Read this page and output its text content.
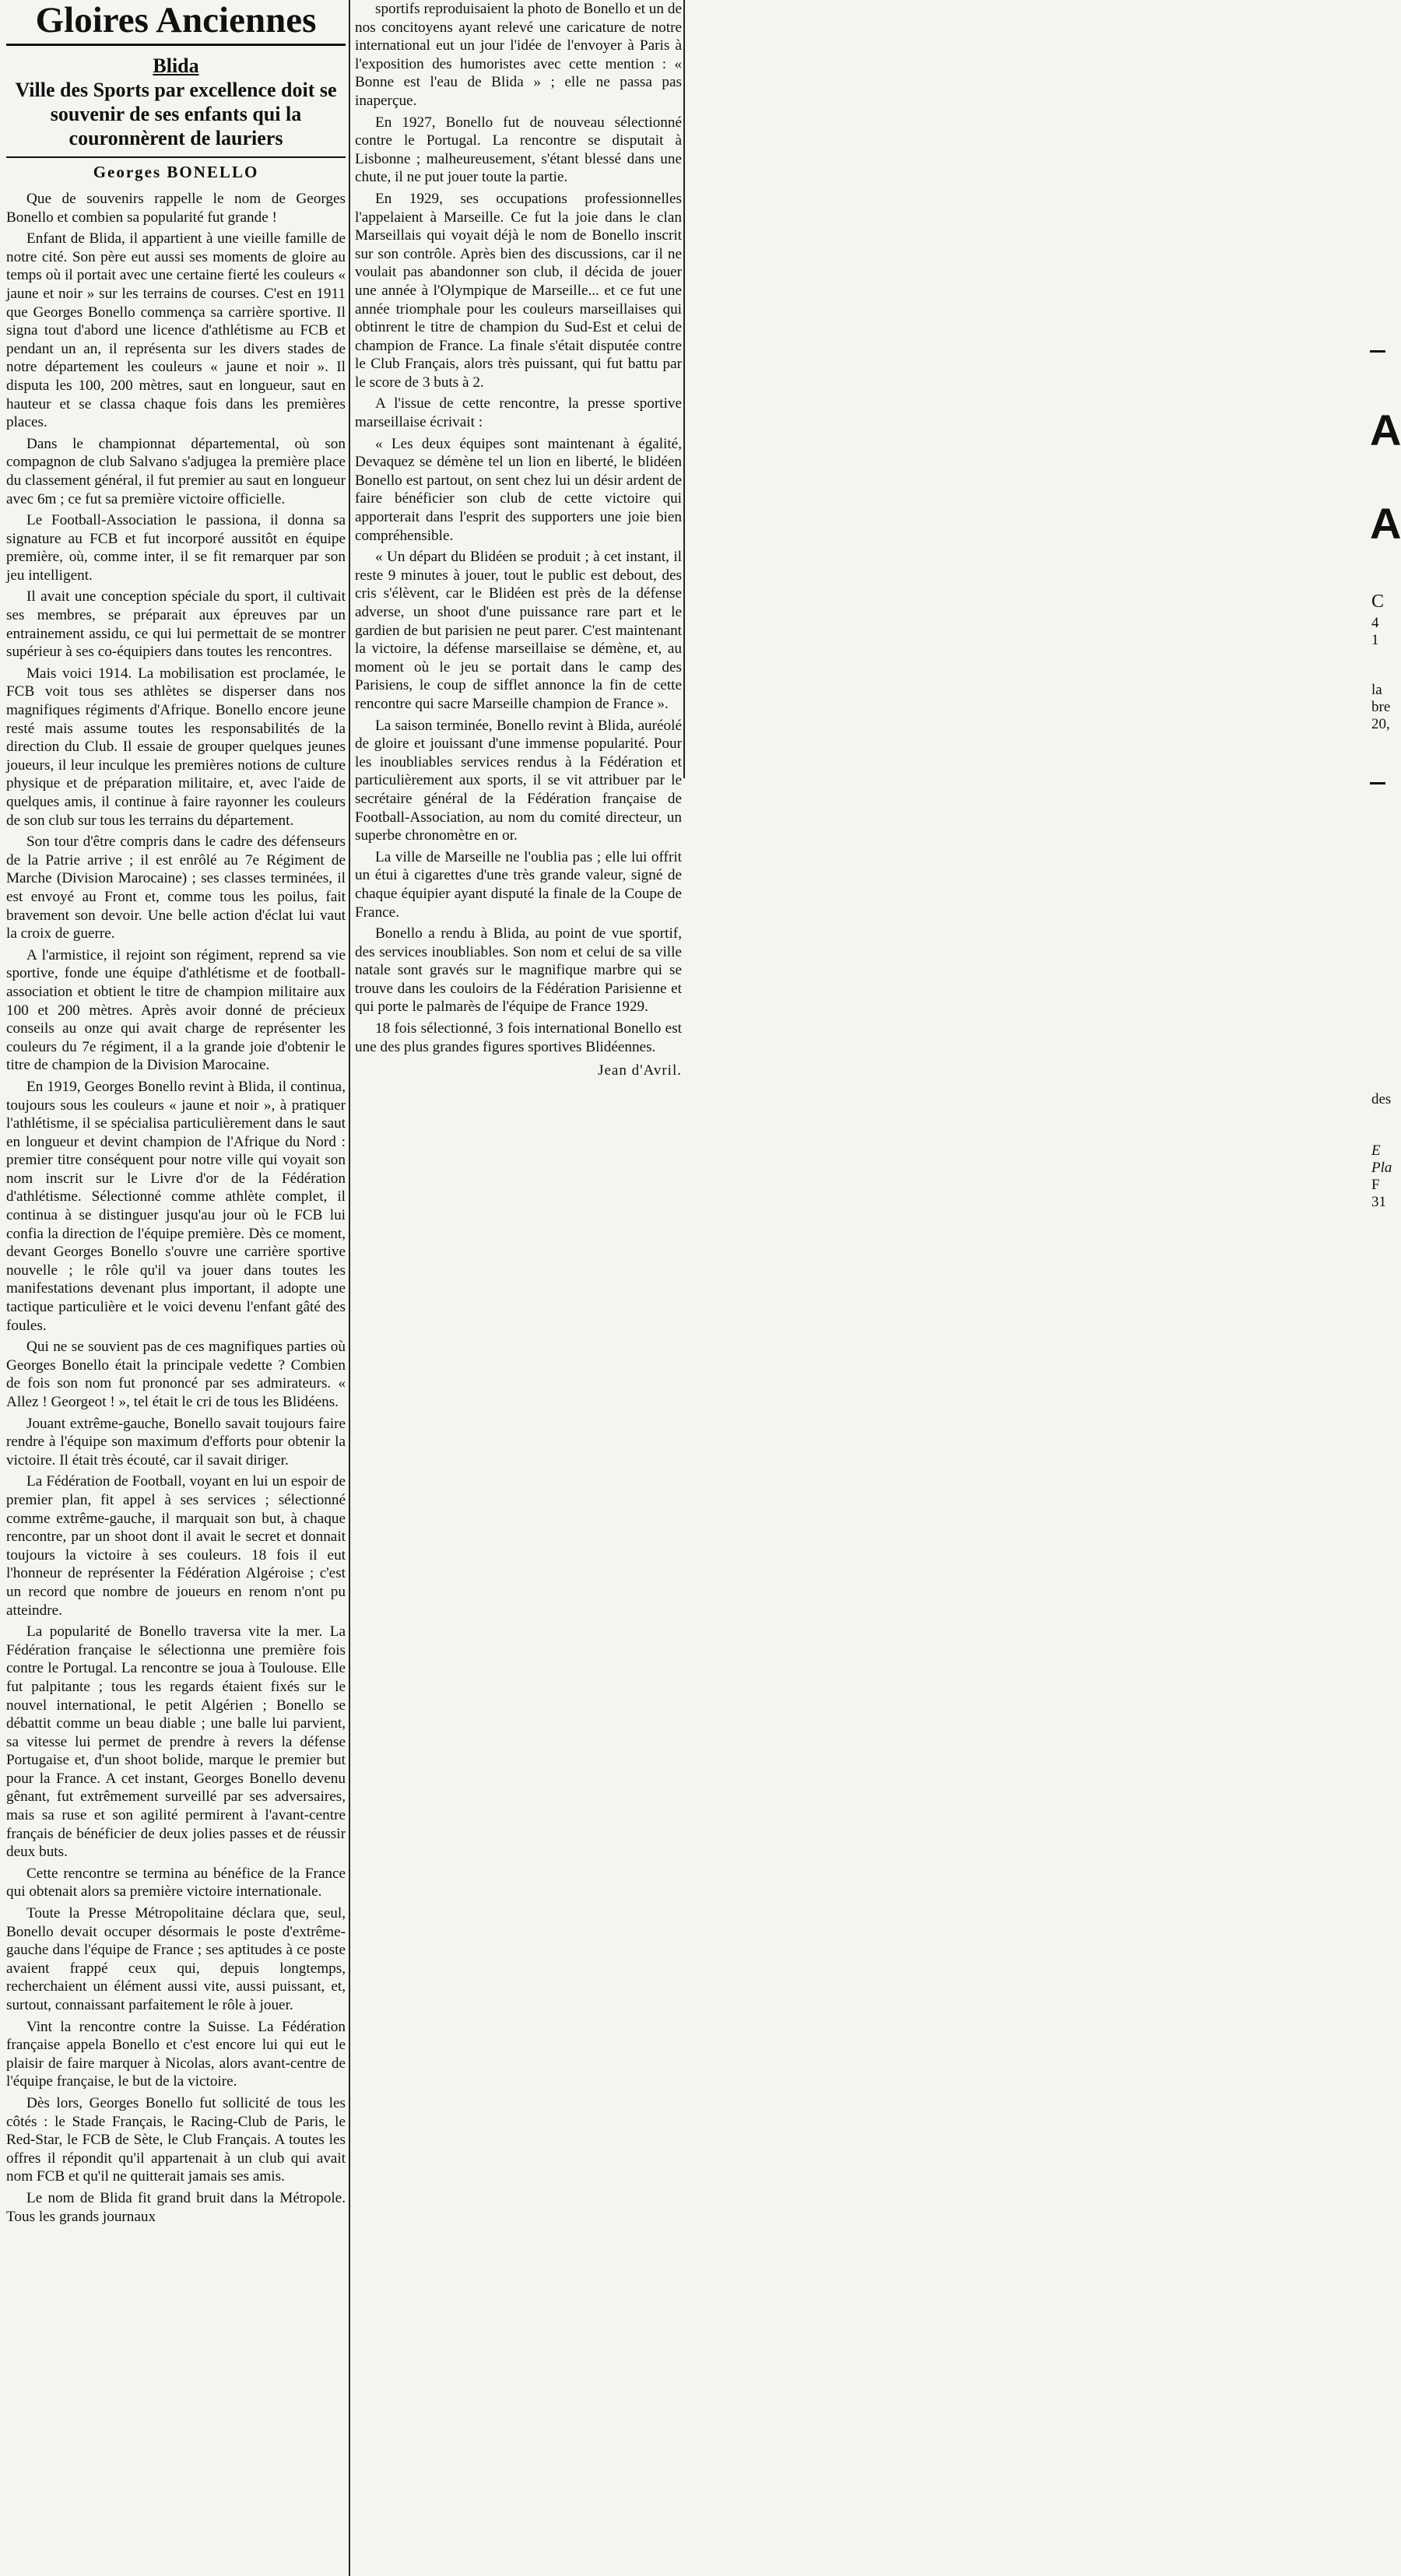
Gloires Anciennes
Blida
Ville des Sports par excellence doit se souvenir de ses enfants qui la couronnèrent de lauriers
Georges BONELLO

Que de souvenirs rappelle le nom de Georges Bonello et combien sa popularité fut grande !

Enfant de Blida, il appartient à une vieille famille de notre cité. Son père eut aussi ses moments de gloire au temps où il portait avec une certaine fierté les couleurs « jaune et noir » sur les terrains de courses. C'est en 1911 que Georges Bonello commença sa carrière sportive. Il signa tout d'abord une licence d'athlétisme au FCB et pendant un an, il représenta sur les divers stades de notre département les couleurs « jaune et noir ». Il disputa les 100, 200 mètres, saut en longueur, saut en hauteur et se classa chaque fois dans les premières places.

Dans le championnat départemental, où son compagnon de club Salvano s'adjugea la première place du classement général, il fut premier au saut en longueur avec 6m ; ce fut sa première victoire officielle.

Le Football-Association le passiona, il donna sa signature au FCB et fut incorporé aussitôt en équipe première, où, comme inter, il se fit remarquer par son jeu intelligent.

Il avait une conception spéciale du sport, il cultivait ses membres, se préparait aux épreuves par un entrainement assidu, ce qui lui permettait de se montrer supérieur à ses co-équipiers dans toutes les rencontres.

Mais voici 1914. La mobilisation est proclamée, le FCB voit tous ses athlètes se disperser dans nos magnifiques régiments d'Afrique. Bonello encore jeune resté mais assume toutes les responsabilités de la direction du Club. Il essaie de grouper quelques jeunes joueurs, il leur inculque les premières notions de culture physique et de préparation militaire, et, avec l'aide de quelques amis, il continue à faire rayonner les couleurs de son club sur tous les terrains du département.

Son tour d'être compris dans le cadre des défenseurs de la Patrie arrive ; il est enrôlé au 7e Régiment de Marche (Division Marocaine) ; ses classes terminées, il est envoyé au Front et, comme tous les poilus, fait bravement son devoir. Une belle action d'éclat lui vaut la croix de guerre.

A l'armistice, il rejoint son régiment, reprend sa vie sportive, fonde une équipe d'athlétisme et de football-association et obtient le titre de champion militaire aux 100 et 200 mètres. Après avoir donné de précieux conseils au onze qui avait charge de représenter les couleurs du 7e régiment, il a la grande joie d'obtenir le titre de champion de la Division Marocaine.

En 1919, Georges Bonello revint à Blida, il continua, toujours sous les couleurs « jaune et noir », à pratiquer l'athlétisme, il se spécialisa particulièrement dans le saut en longueur et devint champion de l'Afrique du Nord : premier titre conséquent pour notre ville qui voyait son nom inscrit sur le Livre d'or de la Fédération d'athlétisme. Sélectionné comme athlète complet, il continua à se distinguer jusqu'au jour où le FCB lui confia la direction de l'équipe première. Dès ce moment, devant Georges Bonello s'ouvre une carrière sportive nouvelle ; le rôle qu'il va jouer dans toutes les manifestations devenant plus important, il adopte une tactique particulière et le voici devenu l'enfant gâté des foules.

Qui ne se souvient pas de ces magnifiques parties où Georges Bonello était la principale vedette ? Combien de fois son nom fut prononcé par ses admirateurs. « Allez ! Georgeot ! », tel était le cri de tous les Blidéens.

Jouant extrême-gauche, Bonello savait toujours faire rendre à l'équipe son maximum d'efforts pour obtenir la victoire. Il était très écouté, car il savait diriger.

La Fédération de Football, voyant en lui un espoir de premier plan, fit appel à ses services ; sélectionné comme extrême-gauche, il marquait son but, à chaque rencontre, par un shoot dont il avait le secret et donnait toujours la victoire à ses couleurs. 18 fois il eut l'honneur de représenter la Fédération Algéroise ; c'est un record que nombre de joueurs en renom n'ont pu atteindre.

La popularité de Bonello traversa vite la mer. La Fédération française le sélectionna une première fois contre le Portugal. La rencontre se joua à Toulouse. Elle fut palpitante ; tous les regards étaient fixés sur le nouvel international, le petit Algérien ; Bonello se débattit comme un beau diable ; une balle lui parvient, sa vitesse lui permet de prendre à revers la défense Portugaise et, d'un shoot bolide, marque le premier but pour la France. A cet instant, Georges Bonello devenu gênant, fut extrêmement surveillé par ses adversaires, mais sa ruse et son agilité permirent à l'avant-centre français de bénéficier de deux jolies passes et de réussir deux buts.

Cette rencontre se termina au bénéfice de la France qui obtenait alors sa première victoire internationale.

Toute la Presse Métropolitaine déclara que, seul, Bonello devait occuper désormais le poste d'extrême-gauche dans l'équipe de France ; ses aptitudes à ce poste avaient frappé ceux qui, depuis longtemps, recherchaient un élément aussi vite, aussi puissant, et, surtout, connaissant parfaitement le rôle à jouer.

Vint la rencontre contre la Suisse. La Fédération française appela Bonello et c'est encore lui qui eut le plaisir de faire marquer à Nicolas, alors avant-centre de l'équipe française, le but de la victoire.

Dès lors, Georges Bonello fut sollicité de tous les côtés : le Stade Français, le Racing-Club de Paris, le Red-Star, le FCB de Sète, le Club Français. A toutes les offres il répondit qu'il appartenait à un club qui avait nom FCB et qu'il ne quitterait jamais ses amis.

Le nom de Blida fit grand bruit dans la Métropole. Tous les grands journaux

sportifs reproduisaient la photo de Bonello et un de nos concitoyens ayant relevé une caricature de notre international eut un jour l'idée de l'envoyer à Paris à l'exposition des humoristes avec cette mention : « Bonne est l'eau de Blida » ; elle ne passa pas inaperçue.

En 1927, Bonello fut de nouveau sélectionné contre le Portugal. La rencontre se disputait à Lisbonne ; malheureusement, s'étant blessé dans une chute, il ne put jouer toute la partie.

En 1929, ses occupations professionnelles l'appelaient à Marseille. Ce fut la joie dans le clan Marseillais qui voyait déjà le nom de Bonello inscrit sur son contrôle. Après bien des discussions, car il ne voulait pas abandonner son club, il décida de jouer une année à l'Olympique de Marseille... et ce fut une année triomphale pour les couleurs marseillaises qui obtinrent le titre de champion du Sud-Est et celui de champion de France. La finale s'était disputée contre le Club Français, alors très puissant, qui fut battu par le score de 3 buts à 2.

A l'issue de cette rencontre, la presse sportive marseillaise écrivait :

« Les deux équipes sont maintenant à égalité, Devaquez se démène tel un lion en liberté, le blidéen Bonello est partout, on sent chez lui un désir ardent de faire bénéficier son club de cette victoire qui apporterait dans l'esprit des supporters une joie bien compréhensible.

« Un départ du Blidéen se produit ; à cet instant, il reste 9 minutes à jouer, tout le public est debout, des cris s'élèvent, car le Blidéen est près de la défense adverse, un shoot d'une puissance rare part et le gardien de but parisien ne peut parer. C'est maintenant la victoire, la défense marseillaise se démène, et, au moment où le jeu se portait dans le camp des Parisiens, le coup de sifflet annonce la fin de cette rencontre qui sacre Marseille champion de France ».

La saison terminée, Bonello revint à Blida, auréolé de gloire et jouissant d'une immense popularité. Pour les inoubliables services rendus à la Fédération et particulièrement aux sports, il se vit attribuer par le secrétaire général de la Fédération française de Football-Association, au nom du comité directeur, un superbe chronomètre en or.

La ville de Marseille ne l'oublia pas ; elle lui offrit un étui à cigarettes d'une très grande valeur, signé de chaque équipier ayant disputé la finale de la Coupe de France.

Bonello a rendu à Blida, au point de vue sportif, des services inoubliables. Son nom et celui de sa ville natale sont gravés sur le magnifique marbre qui se trouve dans les couloirs de la Fédération Parisienne et qui porte le palmarès de l'équipe de France 1929.

18 fois sélectionné, 3 fois international Bonello est une des plus grandes figures sportives Blidéennes.

Jean d'Avril.
A
A
C
4
1
la
bre
20,
des
E
Pla
F
31
